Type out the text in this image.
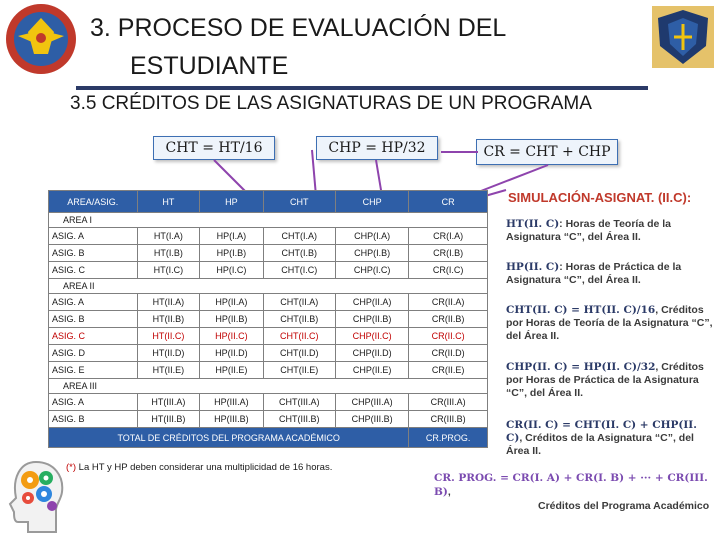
3. PROCESO DE EVALUACIÓN DEL
ESTUDIANTE
3.5 CRÉDITOS DE LAS ASIGNATURAS DE UN PROGRAMA
CHT = HT/16	CHP = HP/32	CR = CHT + CHP
AREA/ASIG.	HT	HP	CHT	CHP	CR
AREA I					
ASIG. A	HT(I.A)	HP(I.A)	CHT(I.A)	CHP(I.A)	CR(I.A)
ASIG. B	HT(I.B)	HP(I.B)	CHT(I.B)	CHP(I.B)	CR(I.B)
ASIG. C	HT(I.C)	HP(I.C)	CHT(I.C)	CHP(I.C)	CR(I.C)
AREA II					
ASIG. A	HT(II.A)	HP(II.A)	CHT(II.A)	CHP(II.A)	CR(II.A)
ASIG. B	HT(II.B)	HP(II.B)	CHT(II.B)	CHP(II.B)	CR(II.B)
ASIG. C	HT(II.C)	HP(II.C)	CHT(II.C)	CHP(II.C)	CR(II.C)
ASIG. D	HT(II.D)	HP(II.D)	CHT(II.D)	CHP(II.D)	CR(II.D)
ASIG. E	HT(II.E)	HP(II.E)	CHT(II.E)	CHP(II.E)	CR(II.E)
AREA III					
ASIG. A	HT(III.A)	HP(III.A)	CHT(III.A)	CHP(III.A)	CR(III.A)
ASIG. B	HT(III.B)	HP(III.B)	CHT(III.B)	CHP(III.B)	CR(III.B)
TOTAL DE CRÉDITOS DEL PROGRAMA ACADÉMICO					CR.PROG.
(*) La HT y HP deben considerar una multiplicidad de 16 horas.
SIMULACIÓN-ASIGNAT. (II.C):
HT(II. C): Horas de Teoría de la Asignatura “C”, del Área II.
HP(II. C): Horas de Práctica de la Asignatura “C”, del Área II.
CHT(II. C) = HT(II. C)/16, Créditos por Horas de Teoría de la Asignatura “C”, del Área II.
CHP(II. C) = HP(II. C)/32, Créditos por Horas de Práctica de la Asignatura “C”, del Área II.
CR(II. C) = CHT(II. C) + CHP(II. C), Créditos de la Asignatura “C”, del Área II.
CR. PROG. = CR(I. A) + CR(I. B) + ··· + CR(III. B),
Créditos del Programa Académico
